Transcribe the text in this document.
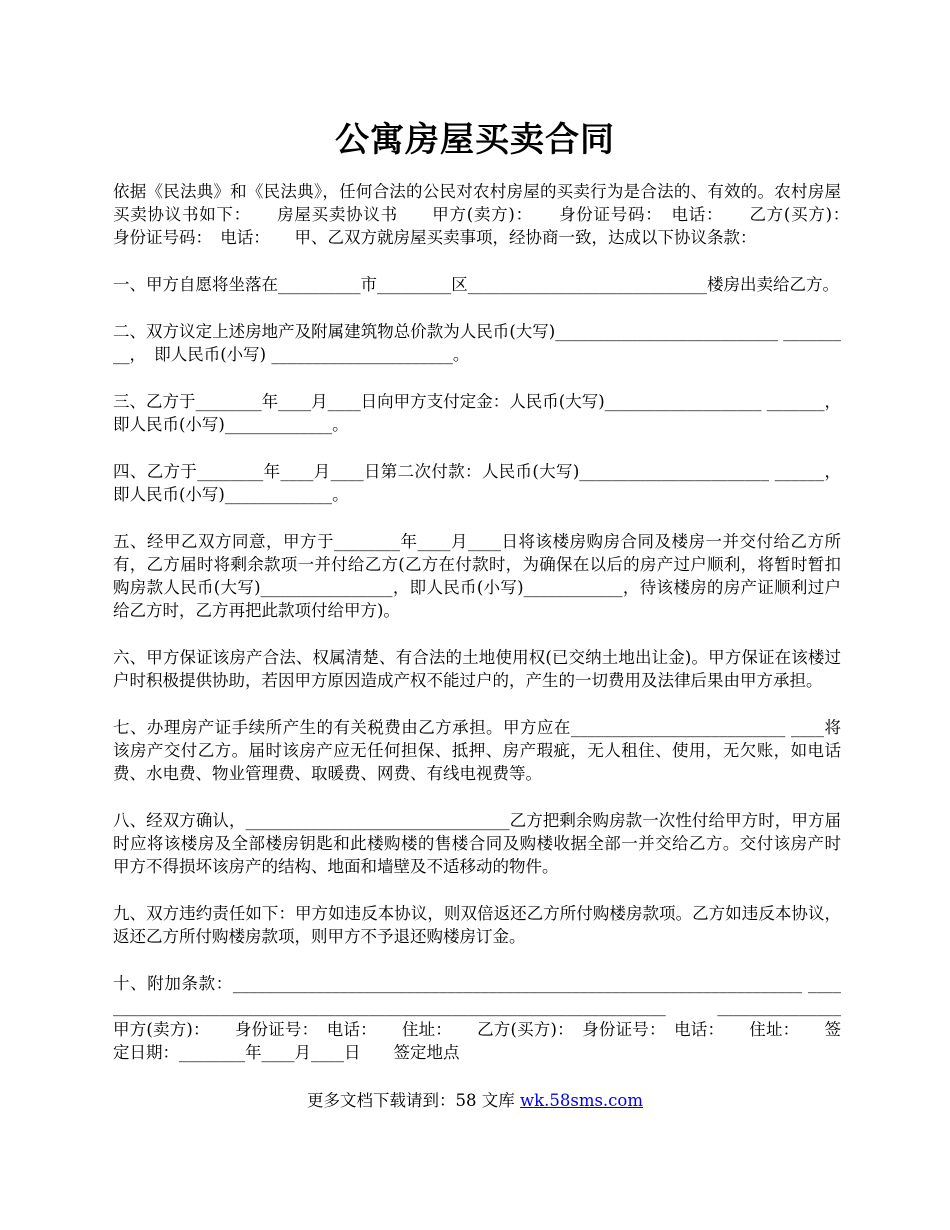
公寓房屋买卖合同

依据《民法典》和《民法典》，任何合法的公民对农村房屋的买卖行为是合法的、有效的。农村房屋买卖协议书如下：　　房屋买卖协议书　　甲方(卖方)：　　身份证号码：　电话：　　乙方(买方)：　　身份证号码：　电话：　　甲、乙双方就房屋买卖事项，经协商一致，达成以下协议条款：

一、甲方自愿将坐落在__________市_________区_____________________________楼房出卖给乙方。

二、双方议定上述房地产及附属建筑物总价款为人民币(大写)___________________________ _________，　即人民币(小写) ______________________。

三、乙方于________年____月____日向甲方支付定金：人民币(大写)___________________ _______，即人民币(小写)_____________。

四、乙方于________年____月____日第二次付款：人民币(大写)_______________________ ______，即人民币(小写)_____________。

五、经甲乙双方同意，甲方于________年____月____日将该楼房购房合同及楼房一并交付给乙方所有，乙方届时将剩余款项一并付给乙方(乙方在付款时，为确保在以后的房产过户顺利，将暂时暂扣购房款人民币(大写)________________，即人民币(小写)____________，待该楼房的房产证顺利过户给乙方时，乙方再把此款项付给甲方)。

六、甲方保证该房产合法、权属清楚、有合法的土地使用权(已交纳土地出让金)。甲方保证在该楼过户时积极提供协助，若因甲方原因造成产权不能过户的，产生的一切费用及法律后果由甲方承担。

七、办理房产证手续所产生的有关税费由乙方承担。甲方应在__________________________ ____将该房产交付乙方。届时该房产应无任何担保、抵押、房产瑕疵，无人租住、使用，无欠账，如电话费、水电费、物业管理费、取暖费、网费、有线电视费等。

八、经双方确认，________________________________乙方把剩余购房款一次性付给甲方时，甲方届时应将该楼房及全部楼房钥匙和此楼购楼的售楼合同及购楼收据全部一并交给乙方。交付该房产时 甲方不得损坏该房产的结构、地面和墙壁及不适移动的物件。

九、双方违约责任如下：甲方如违反本协议，则双倍返还乙方所付购楼房款项。乙方如违反本协议，返还乙方所付购楼房款项，则甲方不予退还购楼房订金。

十、附加条款：_____________________________________________________________________ ____　　___________________________________________________________________ _______________　　甲方(卖方)：　　身份证号：　电话：　　住址：　　乙方(买方)：　身份证号：　电话：　　住址：　　签定日期：________年____月____日　　签定地点

更多文档下载请到：58 文库 wk.58sms.com
